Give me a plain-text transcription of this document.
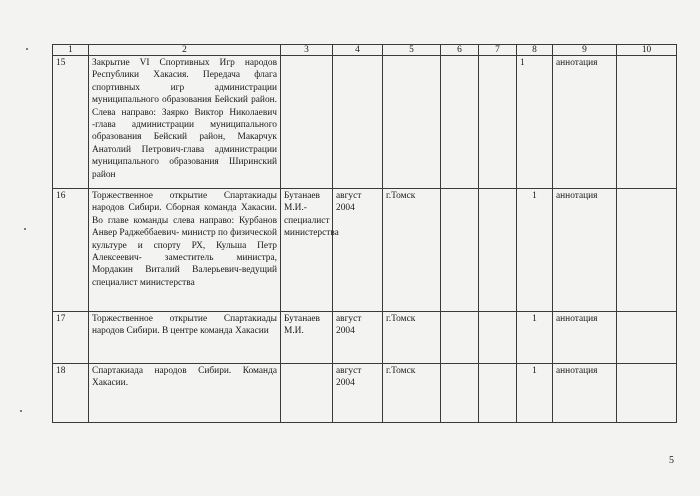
1	2	3	4	5	6	7	8	9	10
15	Закрытие VI Спортивных Игр народов Республики Хакасия. Передача флага спортивных игр администрации муниципального образования Бейский район. Слева направо: Заярко Виктор Николаевич -глава администрации муниципального образования Бейский район, Макарчук Анатолий Петрович-глава администрации муниципального образования Ширинский район						1	аннотация	
16	Торжественное открытие Спартакиады народов Сибири. Сборная команда Хакасии. Во главе команды слева направо: Курбанов Анвер Раджеббаевич- министр по физической культуре и спорту РХ, Кульша Петр Алексеевич- заместитель министра, Мордакин Виталий Валерьевич-ведущий специалист министерства	Бутанаев М.И.-специалист министерства	август 2004	г.Томск			1	аннотация	
17	Торжественное открытие Спартакиады народов Сибири. В центре команда Хакасии	Бутанаев М.И.	август 2004	г.Томск			1	аннотация	
18	Спартакиада народов Сибири. Команда Хакасии.		август 2004	г.Томск			1	аннотация	
5
